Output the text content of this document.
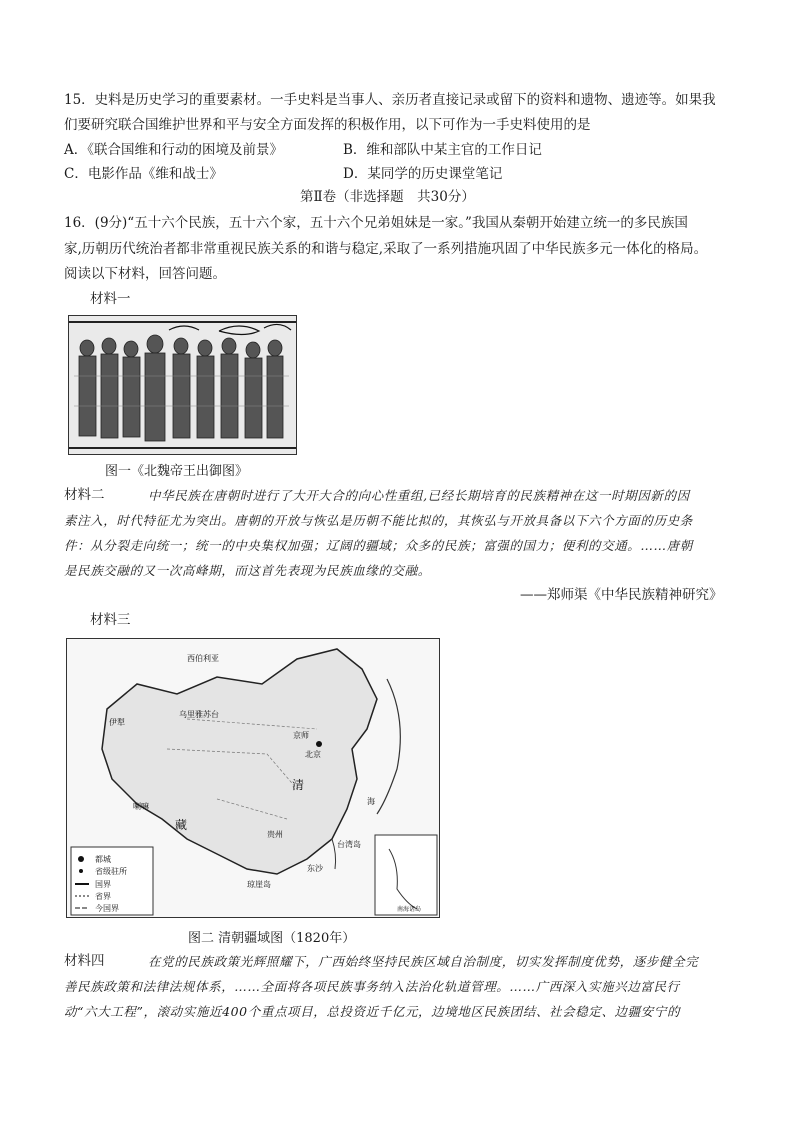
15．史料是历史学习的重要素材。一手史料是当事人、亲历者直接记录或留下的资料和遗物、遗迹等。如果我
们要研究联合国维护世界和平与安全方面发挥的积极作用，以下可作为一手史料使用的是
A．《联合国维和行动的困境及前景》	B．维和部队中某主官的工作日记
C．电影作品《维和战士》	D．某同学的历史课堂笔记
第Ⅱ卷（非选择题　共30分）
16．(9分)“五十六个民族，五十六个家，五十六个兄弟姐妹是一家。”我国从秦朝开始建立统一的多民族国
家,历朝历代统治者都非常重视民族关系的和谐与稳定,采取了一系列措施巩固了中华民族多元一体化的格局。
阅读以下材料，回答问题。
材料一
图一《北魏帝王出御图》
材料二	中华民族在唐朝时进行了大开大合的向心性重组,已经长期培育的民族精神在这一时期因新的因
素注入，时代特征尤为突出。唐朝的开放与恢弘是历朝不能比拟的，其恢弘与开放具备以下六个方面的历史条
件：从分裂走向统一；统一的中央集权加强；辽阔的疆域；众多的民族；富强的国力；便利的交通。……唐朝
是民族交融的又一次高峰期，而这首先表现为民族血缘的交融。
——郑师渠《中华民族精神研究》
材料三
西伯利亚
乌里雅苏台
伊犁
京师
北京
喇嘛
藏
清
海
贵州
台湾岛
东沙
琼崖岛
南海诸岛
都城
省级驻所
国界
省界
今国界
图二 清朝疆域图（1820年）
材料四	在党的民族政策光辉照耀下，广西始终坚持民族区域自治制度，切实发挥制度优势，逐步健全完
善民族政策和法律法规体系，……全面将各项民族事务纳入法治化轨道管理。……广西深入实施兴边富民行
动“六大工程”，滚动实施近400个重点项目，总投资近千亿元，边境地区民族团结、社会稳定、边疆安宁的
